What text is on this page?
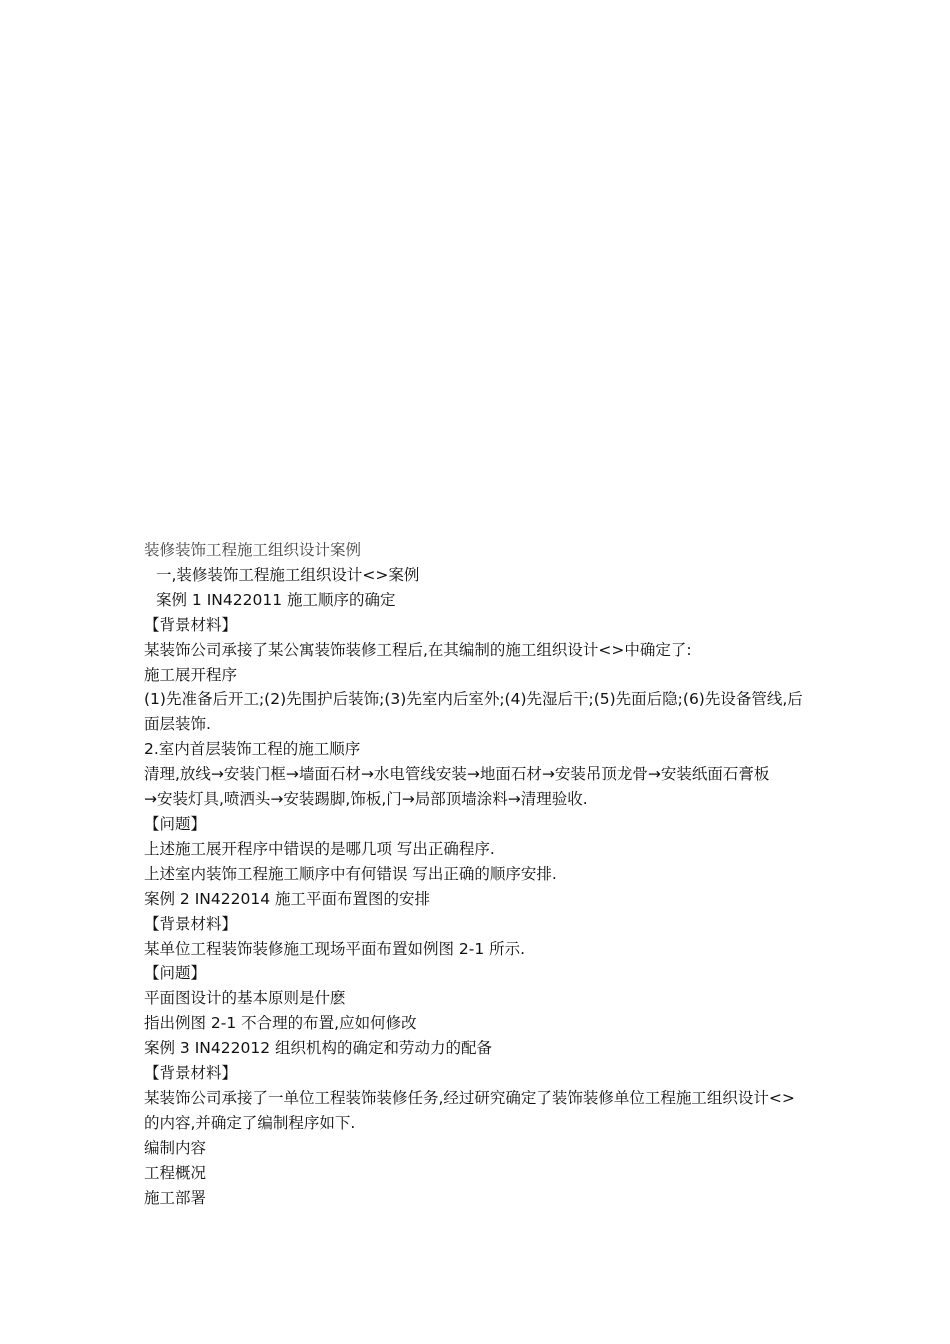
装修装饰工程施工组织设计案例
一,装修装饰工程施工组织设计<>案例
案例 1 IN422011 施工顺序的确定
【背景材料】
某装饰公司承接了某公寓装饰装修工程后,在其编制的施工组织设计<>中确定了:
施工展开程序
(1)先准备后开工;(2)先围护后装饰;(3)先室内后室外;(4)先湿后干;(5)先面后隐;(6)先设备管线,后
面层装饰.
2.室内首层装饰工程的施工顺序
清理,放线→安装门框→墙面石材→水电管线安装→地面石材→安装吊顶龙骨→安装纸面石膏板
→安装灯具,喷洒头→安装踢脚,饰板,门→局部顶墙涂料→清理验收.
【问题】
上述施工展开程序中错误的是哪几项 写出正确程序.
上述室内装饰工程施工顺序中有何错误 写出正确的顺序安排.
案例 2 IN422014 施工平面布置图的安排
【背景材料】
某单位工程装饰装修施工现场平面布置如例图 2-1 所示.
【问题】
平面图设计的基本原则是什麽
指出例图 2-1 不合理的布置,应如何修改
案例 3 IN422012 组织机构的确定和劳动力的配备
【背景材料】
某装饰公司承接了一单位工程装饰装修任务,经过研究确定了装饰装修单位工程施工组织设计<>
的内容,并确定了编制程序如下.
编制内容
工程概况
施工部署
